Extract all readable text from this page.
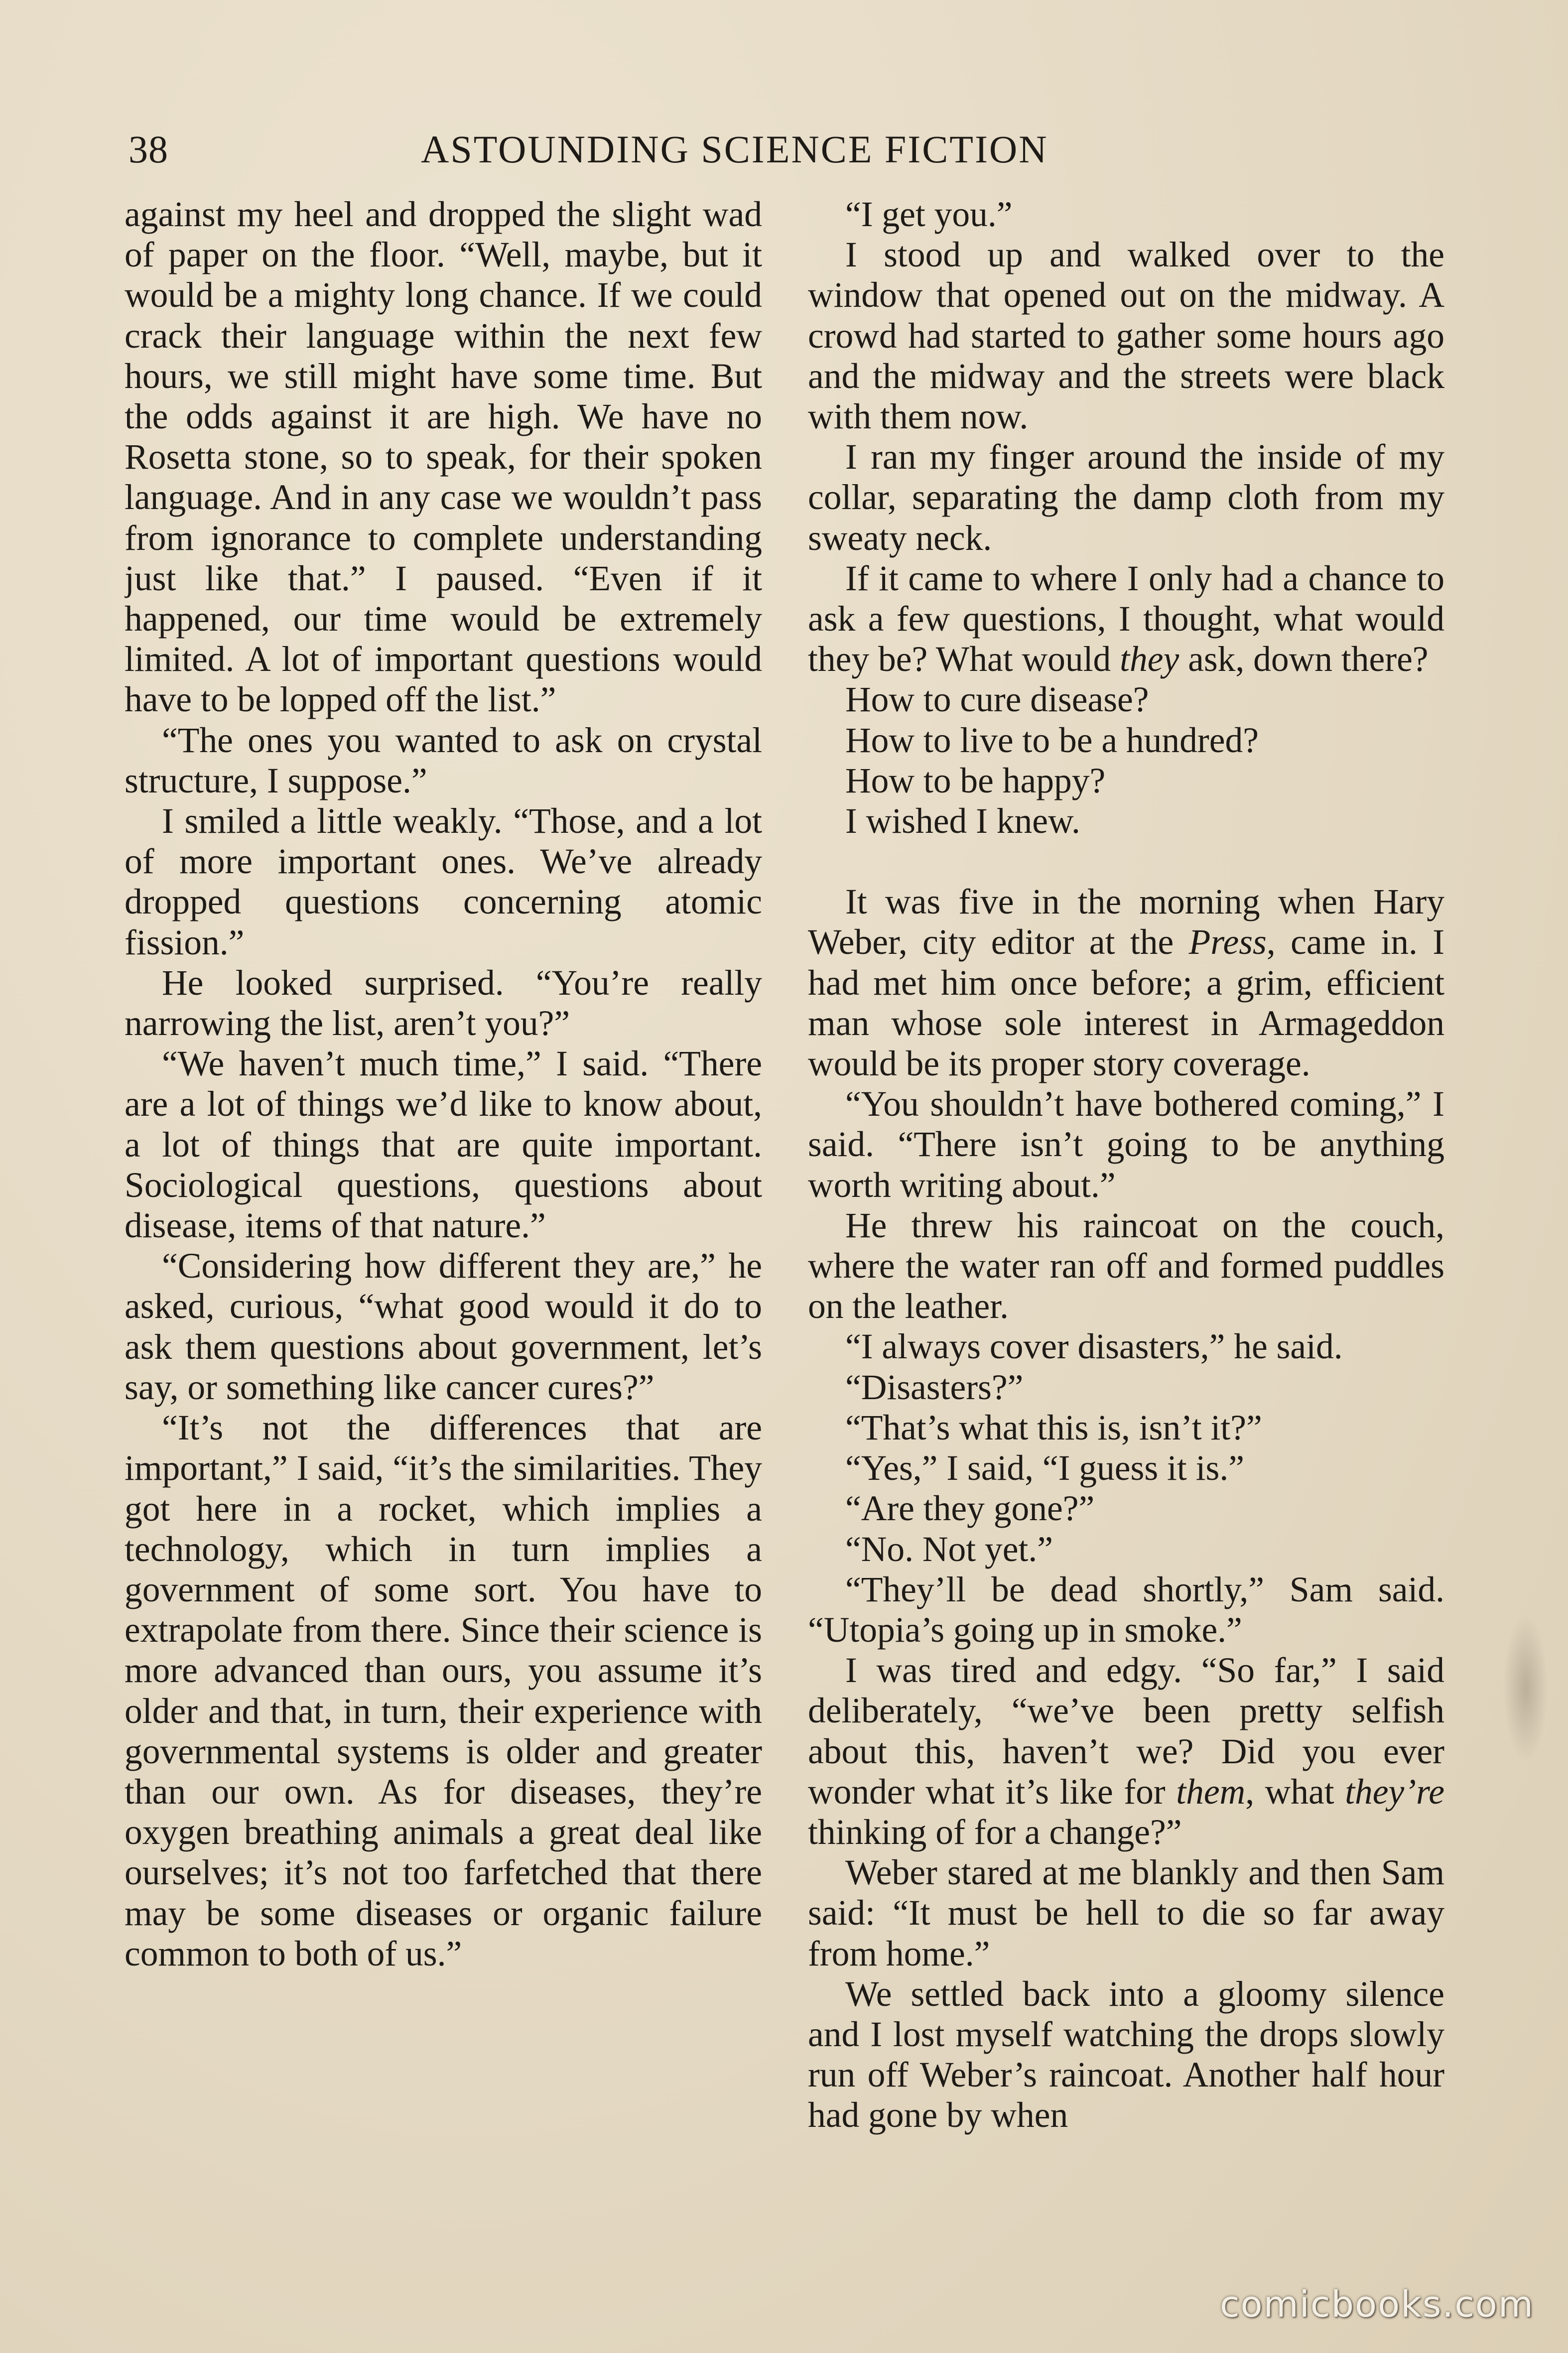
38	ASTOUNDING SCIENCE FICTION

against my heel and dropped the slight wad of paper on the floor. “Well, maybe, but it would be a mighty long chance. If we could crack their language within the next few hours, we still might have some time. But the odds against it are high. We have no Rosetta stone, so to speak, for their spoken language. And in any case we wouldn’t pass from ignorance to complete understanding just like that.” I paused. “Even if it happened, our time would be extremely limited. A lot of important questions would have to be lopped off the list.”

“The ones you wanted to ask on crystal structure, I suppose.”

I smiled a little weakly. “Those, and a lot of more important ones. We’ve already dropped questions concerning atomic fission.”

He looked surprised. “You’re really narrowing the list, aren’t you?”

“We haven’t much time,” I said. “There are a lot of things we’d like to know about, a lot of things that are quite important. Sociological questions, questions about disease, items of that nature.”

“Considering how different they are,” he asked, curious, “what good would it do to ask them questions about government, let’s say, or something like cancer cures?”

“It’s not the differences that are important,” I said, “it’s the similarities. They got here in a rocket, which implies a technology, which in turn implies a government of some sort. You have to extrapolate from there. Since their science is more advanced than ours, you assume it’s older and that, in turn, their experience with governmental systems is older and greater than our own. As for diseases, they’re oxygen breathing animals a great deal like ourselves; it’s not too farfetched that there may be some diseases or organic failure common to both of us.”

“I get you.”

I stood up and walked over to the window that opened out on the midway. A crowd had started to gather some hours ago and the midway and the streets were black with them now.

I ran my finger around the inside of my collar, separating the damp cloth from my sweaty neck.

If it came to where I only had a chance to ask a few questions, I thought, what would they be? What would they ask, down there?

How to cure disease?

How to live to be a hundred?

How to be happy?

I wished I knew.

It was five in the morning when Hary Weber, city editor at the Press, came in. I had met him once before; a grim, efficient man whose sole interest in Armageddon would be its proper story coverage.

“You shouldn’t have bothered coming,” I said. “There isn’t going to be anything worth writing about.”

He threw his raincoat on the couch, where the water ran off and formed puddles on the leather.

“I always cover disasters,” he said.

“Disasters?”

“That’s what this is, isn’t it?”

“Yes,” I said, “I guess it is.”

“Are they gone?”

“No. Not yet.”

“They’ll be dead shortly,” Sam said. “Utopia’s going up in smoke.”

I was tired and edgy. “So far,” I said deliberately, “we’ve been pretty selfish about this, haven’t we? Did you ever wonder what it’s like for them, what they’re thinking of for a change?”

Weber stared at me blankly and then Sam said: “It must be hell to die so far away from home.”

We settled back into a gloomy silence and I lost myself watching the drops slowly run off Weber’s raincoat. Another half hour had gone by when

comicbooks.com
